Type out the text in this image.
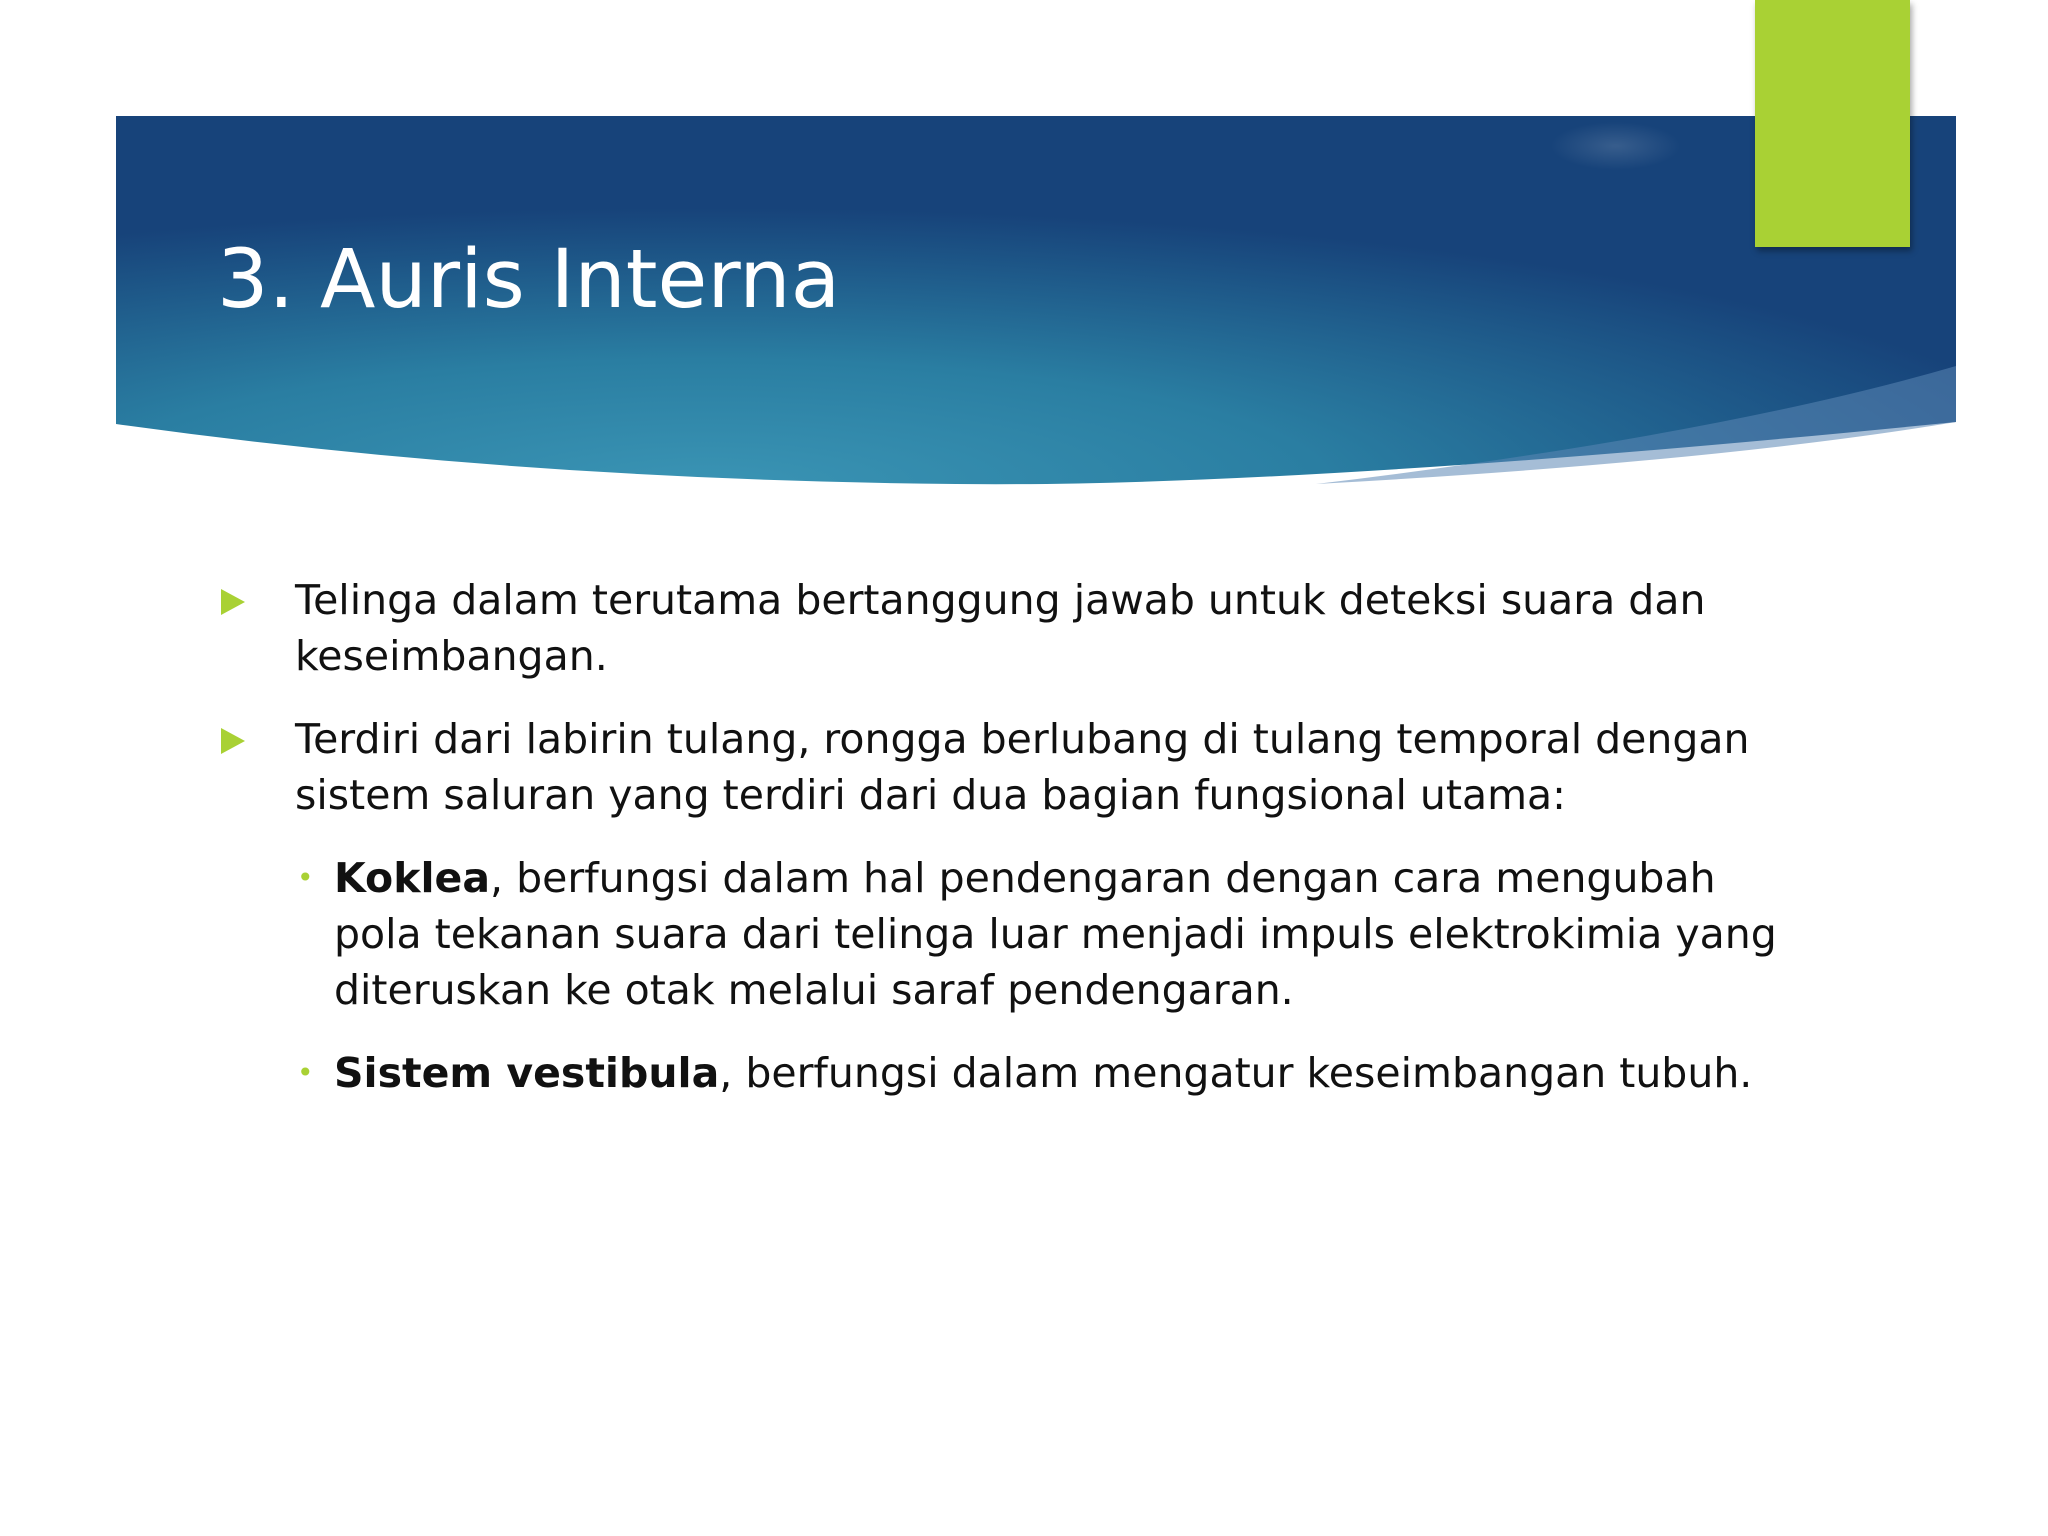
3. Auris Interna
Telinga dalam terutama bertanggung jawab untuk deteksi suara dan keseimbangan.
Terdiri dari labirin tulang, rongga berlubang di tulang temporal dengan sistem saluran yang terdiri dari dua bagian fungsional utama:
• Koklea, berfungsi dalam hal pendengaran dengan cara mengubah pola tekanan suara dari telinga luar menjadi impuls elektrokimia yang diteruskan ke otak melalui saraf pendengaran.
• Sistem vestibula, berfungsi dalam mengatur keseimbangan tubuh.
